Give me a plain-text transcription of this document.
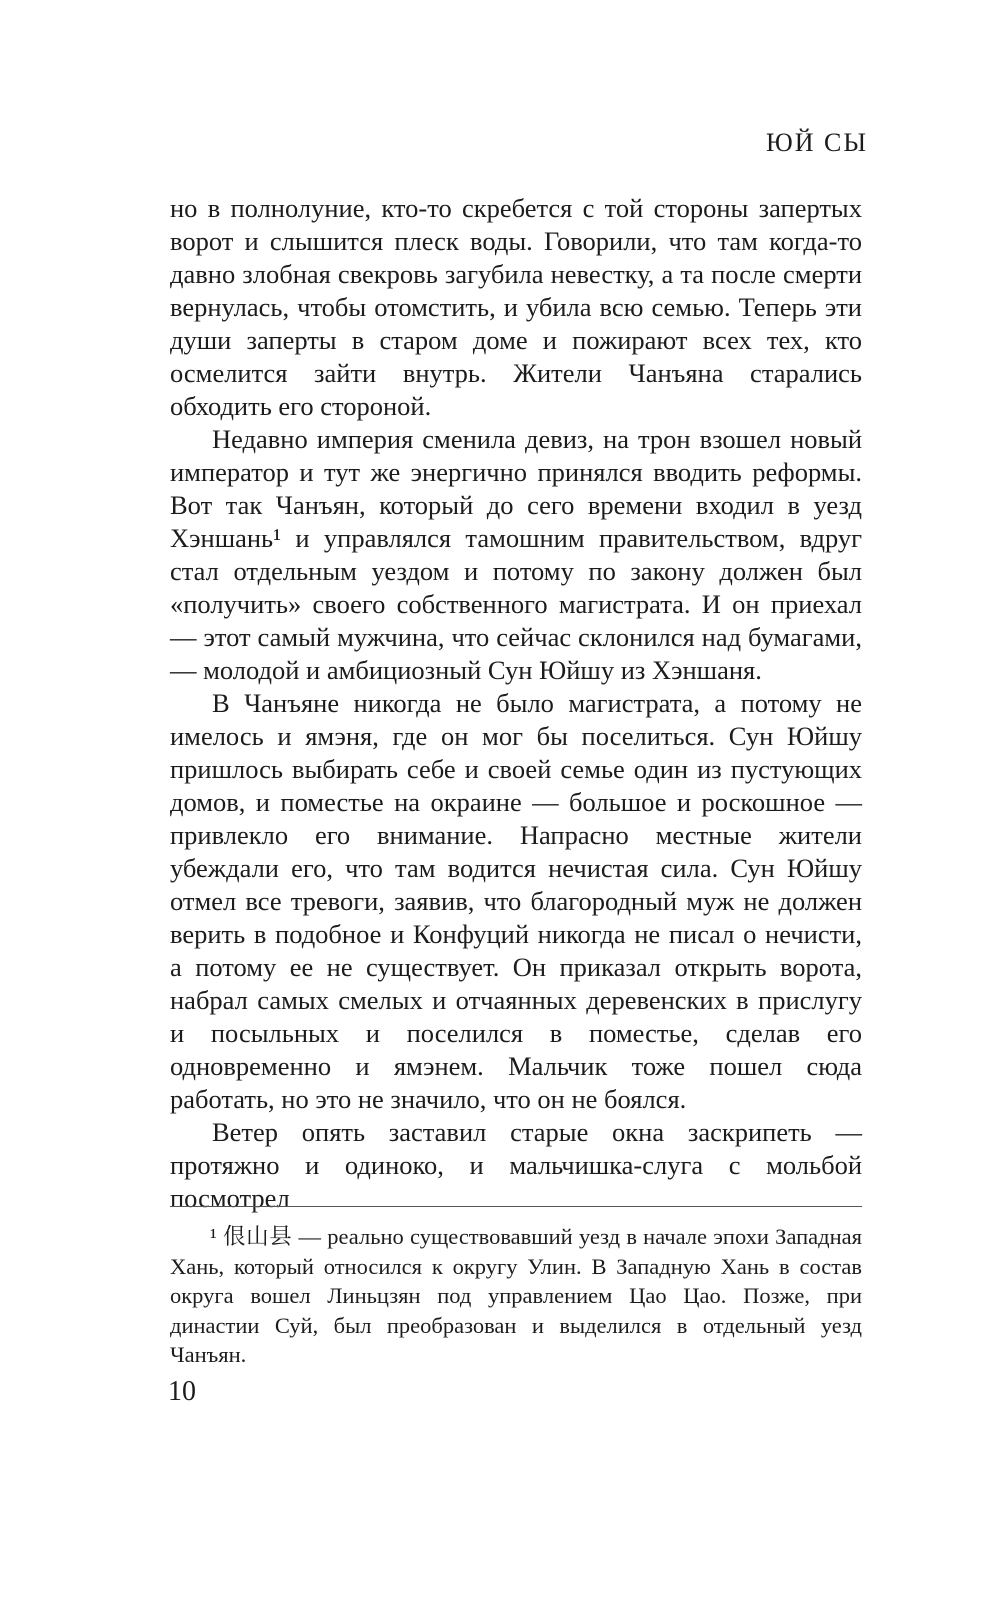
ЮЙ СЫ

но в полнолуние, кто-то скребется с той стороны запертых ворот и слышится плеск воды. Говорили, что там когда-то давно злобная свекровь загубила невестку, а та после смерти вернулась, чтобы отомстить, и убила всю семью. Теперь эти души заперты в старом доме и пожирают всех тех, кто осмелится зайти внутрь. Жители Чанъяна старались обходить его стороной.

Недавно империя сменила девиз, на трон взошел новый император и тут же энергично принялся вводить реформы. Вот так Чанъян, который до сего времени входил в уезд Хэншань¹ и управлялся тамошним правительством, вдруг стал отдельным уездом и потому по закону должен был «получить» своего собственного магистрата. И он приехал — этот самый мужчина, что сейчас склонился над бумагами, — молодой и амбициозный Сун Юйшу из Хэншаня.

В Чанъяне никогда не было магистрата, а потому не имелось и ямэня, где он мог бы поселиться. Сун Юйшу пришлось выбирать себе и своей семье один из пустующих домов, и поместье на окраине — большое и роскошное — привлекло его внимание. Напрасно местные жители убеждали его, что там водится нечистая сила. Сун Юйшу отмел все тревоги, заявив, что благородный муж не должен верить в подобное и Конфуций никогда не писал о нечисти, а потому ее не существует. Он приказал открыть ворота, набрал самых смелых и отчаянных деревенских в прислугу и посыльных и поселился в поместье, сделав его одновременно и ямэнем. Мальчик тоже пошел сюда работать, но это не значило, что он не боялся.

Ветер опять заставил старые окна заскрипеть — протяжно и одиноко, и мальчишка-слуга с мольбой посмотрел

¹ 佷山县 — реально существовавший уезд в начале эпохи Западная Хань, который относился к округу Улин. В Западную Хань в состав округа вошел Линьцзян под управлением Цао Цао. Позже, при династии Суй, был преобразован и выделился в отдельный уезд Чанъян.
10
